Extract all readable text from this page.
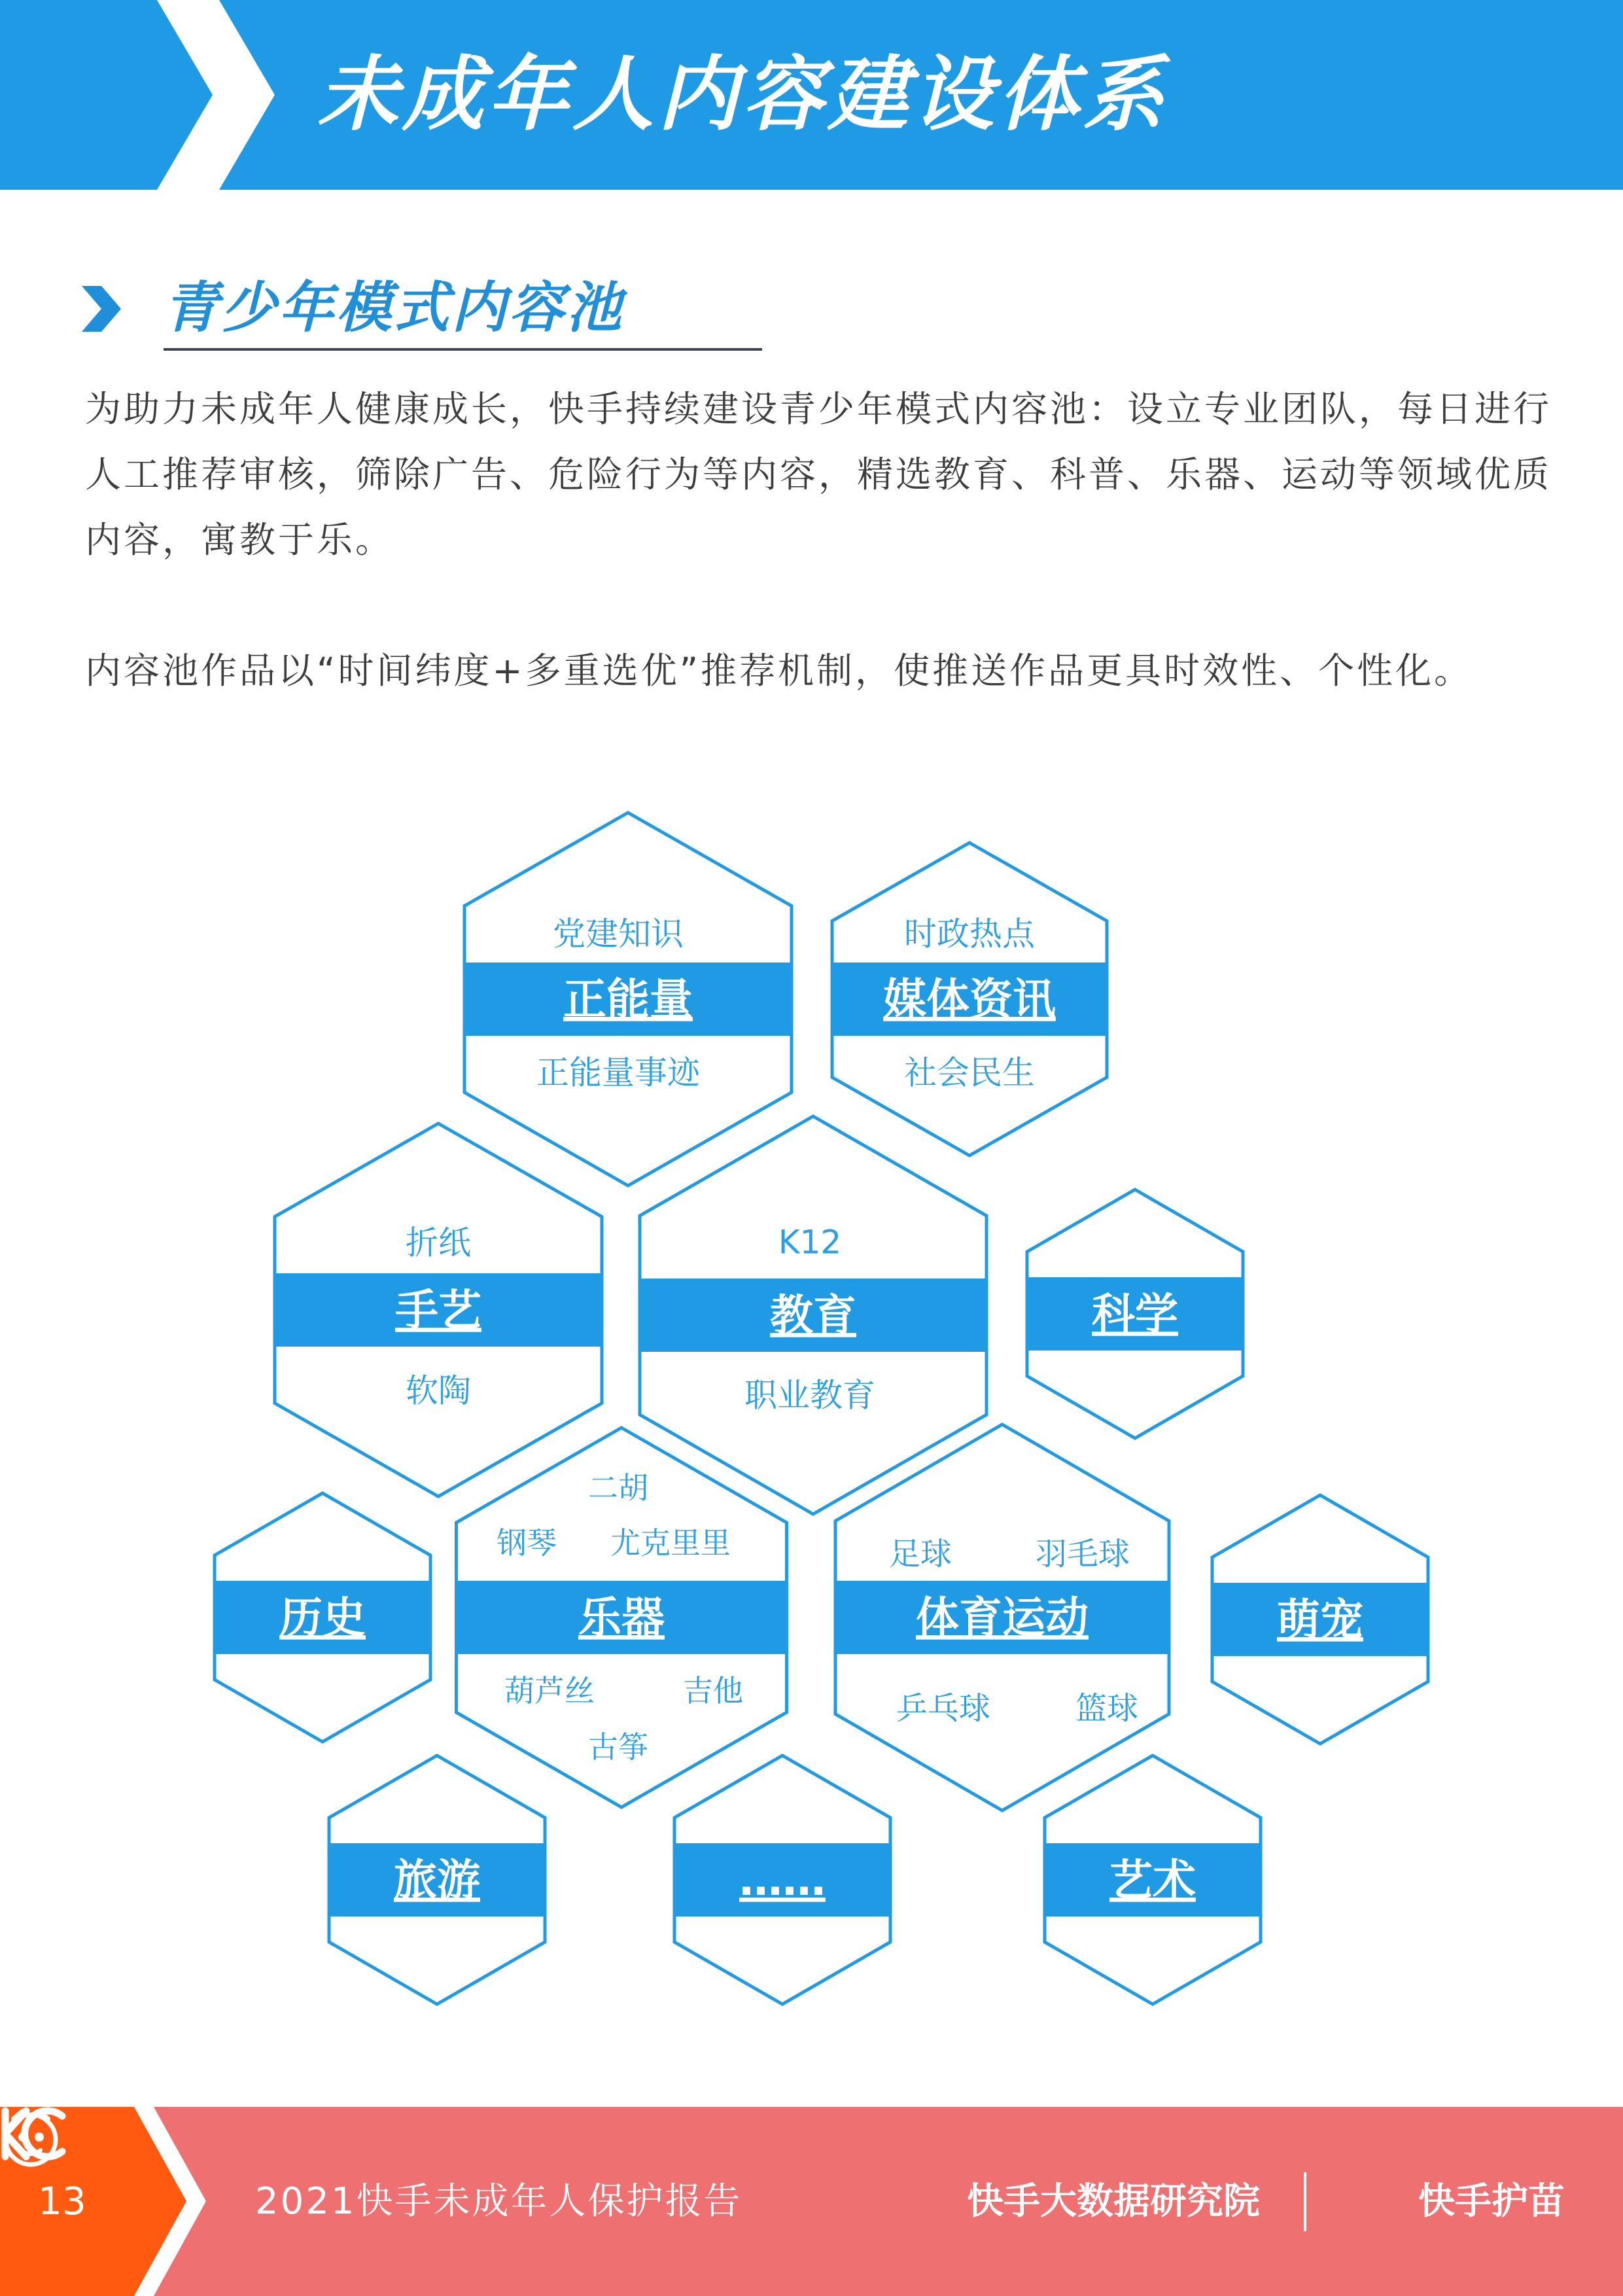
未成年人内容建设体系
青少年模式内容池
为助力未成年人健康成长，快手持续建设青少年模式内容池：设立专业团队，每日进行人工推荐审核，筛除广告、危险行为等内容，精选教育、科普、乐器、运动等领域优质内容，寓教于乐。
内容池作品以“时间纬度+多重选优”推荐机制，使推送作品更具时效性、个性化。
正能量
党建知识
正能量事迹
媒体资讯
时政热点
社会民生
手艺
折纸
软陶
教育
K12
职业教育
科学
历史	乐器
二胡
钢琴 尤克里里
葫芦丝	吉他
古筝
体育运动
足球	羽毛球
乒乓球	篮球
萌宠
旅游	……	艺术
13	2021快手未成年人保护报告	快手大数据研究院	快手护苗
